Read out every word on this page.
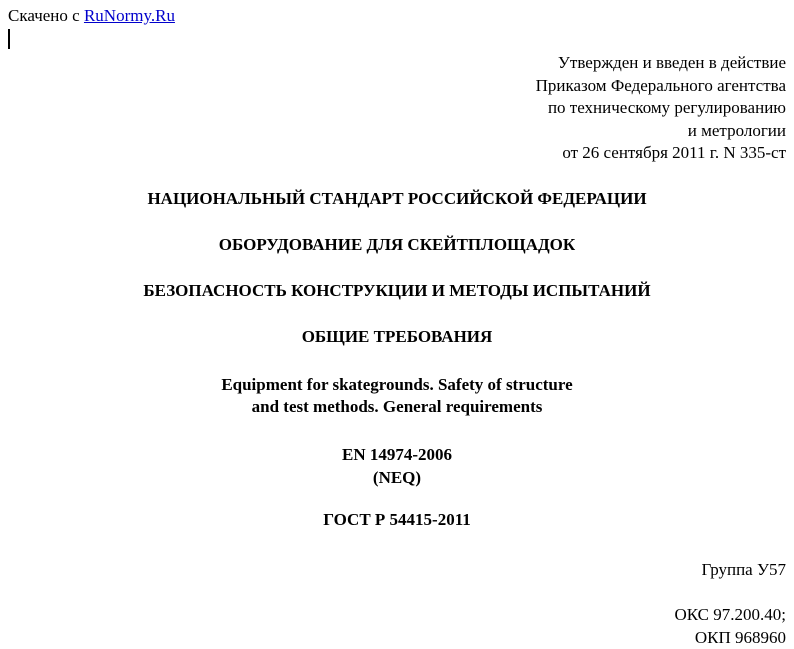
Скачено с RuNormy.Ru
Утвержден и введен в действие
Приказом Федерального агентства
по техническому регулированию
и метрологии
от 26 сентября 2011 г. N 335-ст
НАЦИОНАЛЬНЫЙ СТАНДАРТ РОССИЙСКОЙ ФЕДЕРАЦИИ
ОБОРУДОВАНИЕ ДЛЯ СКЕЙТПЛОЩАДОК
БЕЗОПАСНОСТЬ КОНСТРУКЦИИ И МЕТОДЫ ИСПЫТАНИЙ
ОБЩИЕ ТРЕБОВАНИЯ
Equipment for skategrounds. Safety of structure
and test methods. General requirements
EN 14974-2006
(NEQ)
ГОСТ Р 54415-2011
Группа У57
ОКС 97.200.40;
ОКП 968960
